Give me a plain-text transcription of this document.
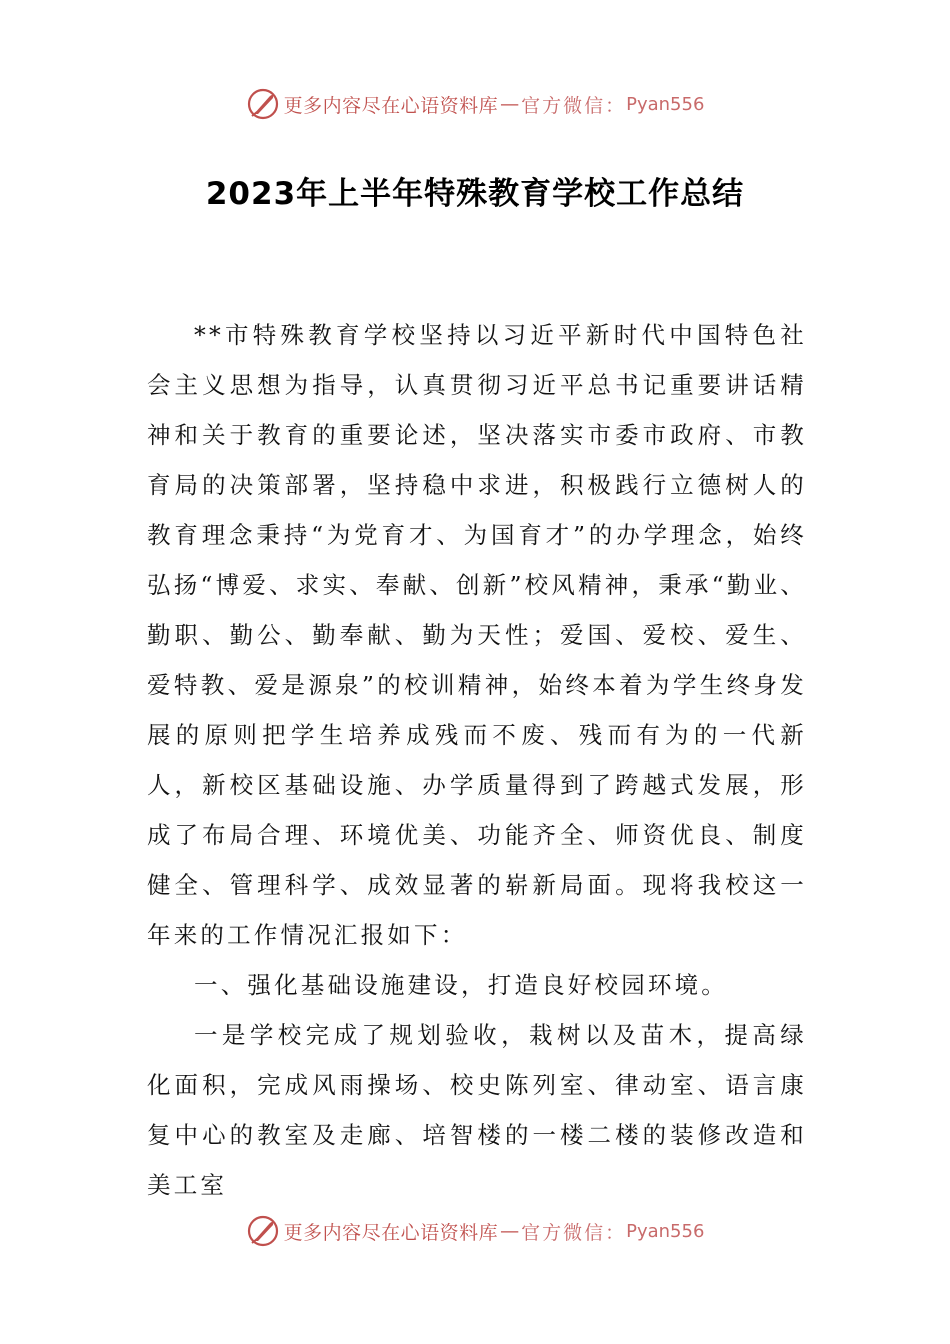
更多内容尽在心语资料库 — 官方微信： Pyan556
2023年上半年特殊教育学校工作总结

**市特殊教育学校坚持以习近平新时代中国特色社会主义思想为指导，认真贯彻习近平总书记重要讲话精神和关于教育的重要论述，坚决落实市委市政府、市教育局的决策部署，坚持稳中求进，积极践行立德树人的教育理念秉持“为党育才、为国育才”的办学理念，始终弘扬“博爱、求实、奉献、创新”校风精神，秉承“勤业、勤职、勤公、勤奉献、勤为天性；爱国、爱校、爱生、爱特教、爱是源泉”的校训精神，始终本着为学生终身发展的原则把学生培养成残而不废、残而有为的一代新人，新校区基础设施、办学质量得到了跨越式发展，形成了布局合理、环境优美、功能齐全、师资优良、制度健全、管理科学、成效显著的崭新局面。现将我校这一年来的工作情况汇报如下：

一、强化基础设施建设，打造良好校园环境。

一是学校完成了规划验收，栽树以及苗木，提高绿化面积，完成风雨操场、校史陈列室、律动室、语言康复中心的教室及走廊、培智楼的一楼二楼的装修改造和美工室

更多内容尽在心语资料库 — 官方微信： Pyan556
